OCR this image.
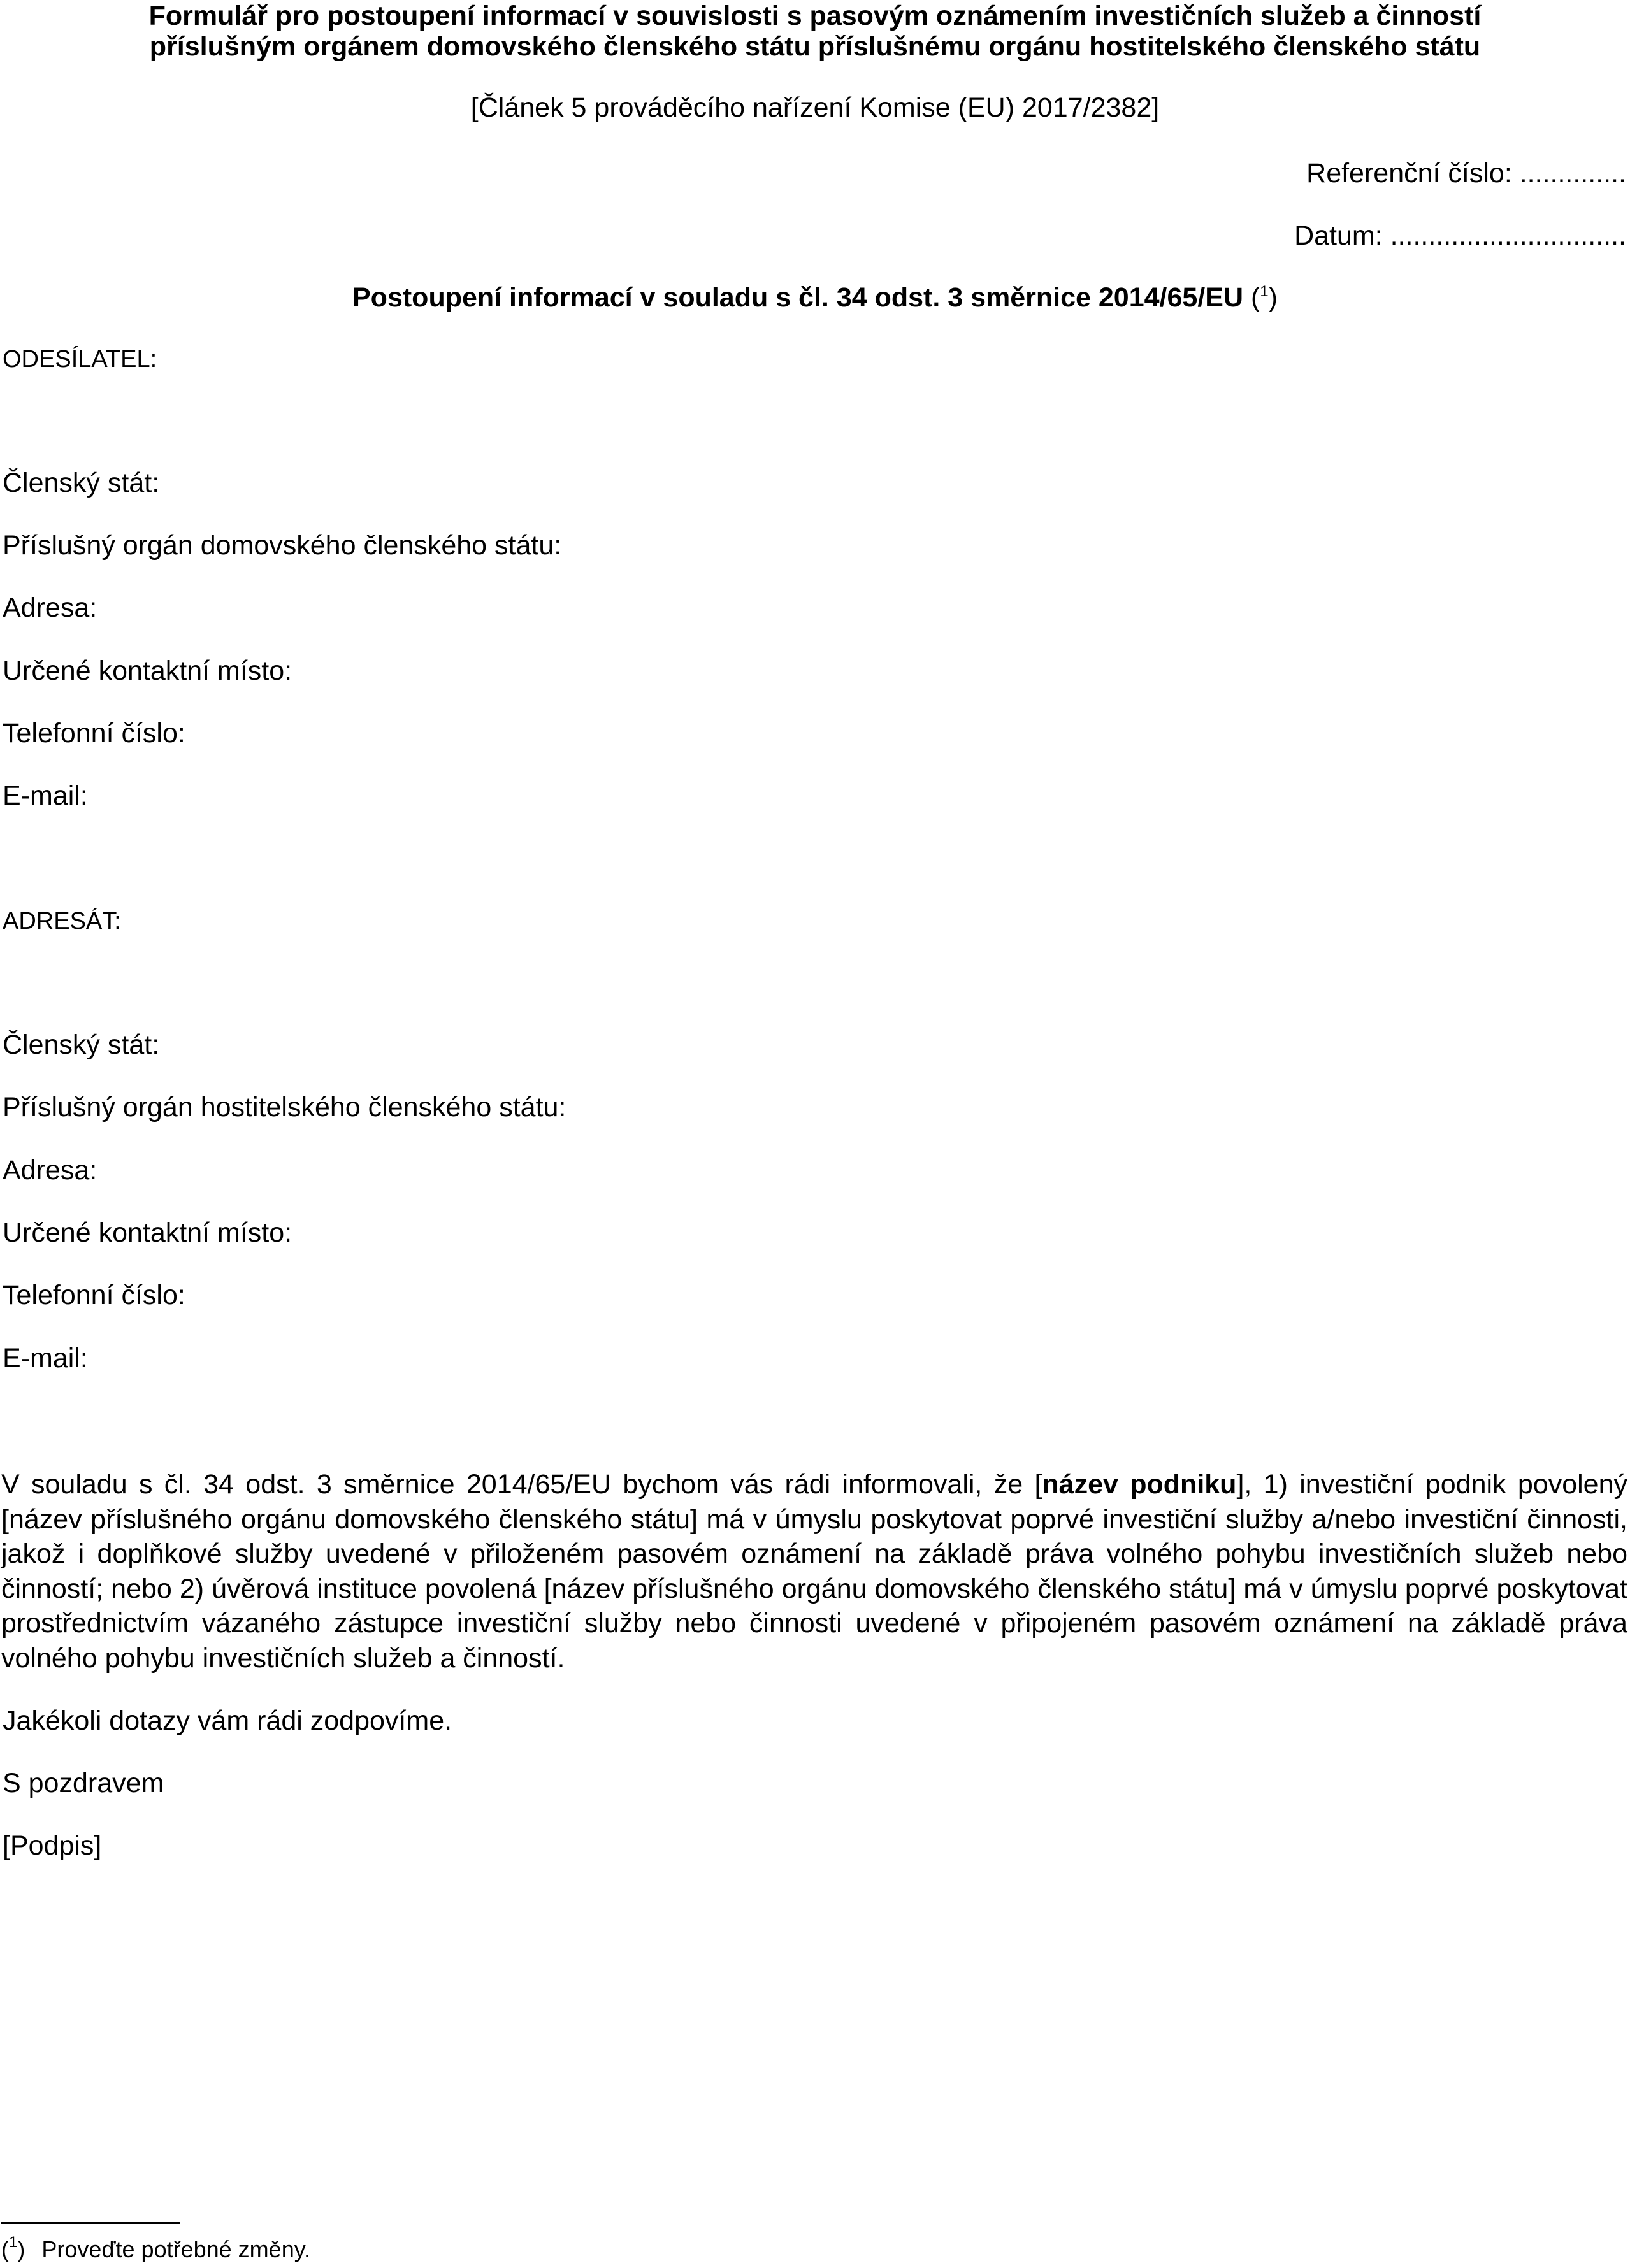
Formulář pro postoupení informací v souvislosti s pasovým oznámením investičních služeb a činností
příslušným orgánem domovského členského státu příslušnému orgánu hostitelského členského státu
[Článek 5 prováděcího nařízení Komise (EU) 2017/2382]
Referenční číslo: ..............
Datum: ...............................
Postoupení informací v souladu s čl. 34 odst. 3 směrnice 2014/65/EU ($^1$)
ODESÍLATEL:
Členský stát:
Příslušný orgán domovského členského státu:
Adresa:
Určené kontaktní místo:
Telefonní číslo:
E-mail:
ADRESÁT:
Členský stát:
Příslušný orgán hostitelského členského státu:
Adresa:
Určené kontaktní místo:
Telefonní číslo:
E-mail:
V souladu s čl. 34 odst. 3 směrnice 2014/65/EU bychom vás rádi informovali, že [název podniku], 1) investiční podnik povolený [název příslušného orgánu domovského členského státu] má v úmyslu poskytovat poprvé investiční služby a/nebo investiční činnosti, jakož i doplňkové služby uvedené v přiloženém pasovém oznámení na základě práva volného pohybu investičních služeb nebo činností; nebo 2) úvěrová instituce povolená [název příslušného orgánu domovského členského státu] má v úmyslu poprvé poskytovat prostřednictvím vázaného zástupce investiční služby nebo činnosti uvedené v připojeném pasovém oznámení na základě práva volného pohybu investičních služeb a činností.
Jakékoli dotazy vám rádi zodpovíme.
S pozdravem
[Podpis]
($^1$) Proveďte potřebné změny.
